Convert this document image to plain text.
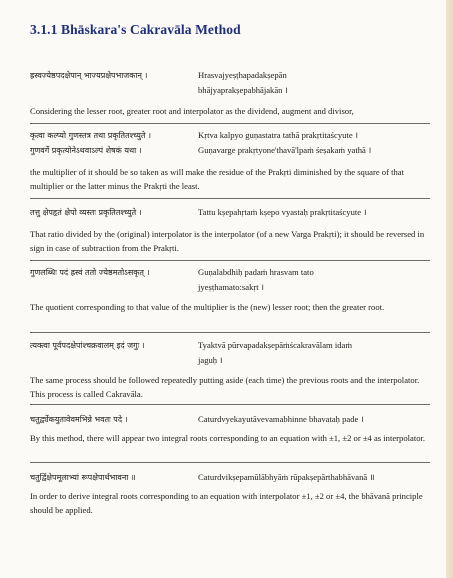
3.1.1 Bhāskara's Cakravāla Method
ह्रस्वज्येष्ठपदक्षेपान् भाज्यप्रक्षेपभाजकान् ।	Hrasvajyeṣṭhapadakṣepān
bhājyaprakṣepabhājakān ।
Considering the lesser root, greater root and interpolator as the dividend, augment and divisor,
कृत्वा कल्प्यो गुणस्तत्र तथा प्रकृतितश्च्युते ।	Kṛtva kalpyo guṇastatra tathā prakṛtitaścyute ।
गुणवर्गे प्रकृत्योनेऽथवाऽल्पं शेषकं यथा ।	Guṇavarge prakṛtyone'thavā'lpaṁ śeṣakaṁ yathā ।
the multiplier of it should be so taken as will make the residue of the Prakṛti diminished by the square of that multiplier or the latter minus the Prakṛti the least.
तत्तु क्षेपहृतं क्षेपो व्यस्तः प्रकृतितश्च्युते ।	Tattu kṣepahṛtaṁ kṣepo vyastaḥ prakṛtitaścyute ।
That ratio divided by the (original) interpolator is the interpolator (of a new Varga Prakṛti); it should be reversed in sign in case of subtraction from the Prakṛti.
गुणलब्धिः पदं ह्रस्वं ततो ज्येष्ठमतोऽसकृत् ।	Guṇalabdhiḥ padaṁ hrasvam tato
jyeṣṭhamato:sakṛt ।
The quotient corresponding to that value of the multiplier is the (new) lesser root; then the greater root.
त्यक्त्वा पूर्वपदक्षेपांश्चक्रवालम् इदं जगुः ।	Tyaktvā pūrvapadakṣepāṁścakravālam idaṁ
jaguḥ ।
The same process should be followed repeatedly putting aside (each time) the previous roots and the interpolator. This process is called Cakravāla.
चतुर्द्व्येकयुतावेवमभिन्ने भवतः पदे ।	Caturdvyekayutāvevamabhinne bhavataḥ pade ।
By this method, there will appear two integral roots corresponding to an equation with ±1, ±2 or ±4 as interpolator.
चतुर्द्विक्षेपमूलाभ्यां रूपक्षेपार्थभावना ॥	Caturdvikṣepamūlābhyāṁ rūpakṣepārthabhāvanā ॥
In order to derive integral roots corresponding to an equation with interpolator ±1, ±2 or ±4, the bhāvanā principle should be applied.
